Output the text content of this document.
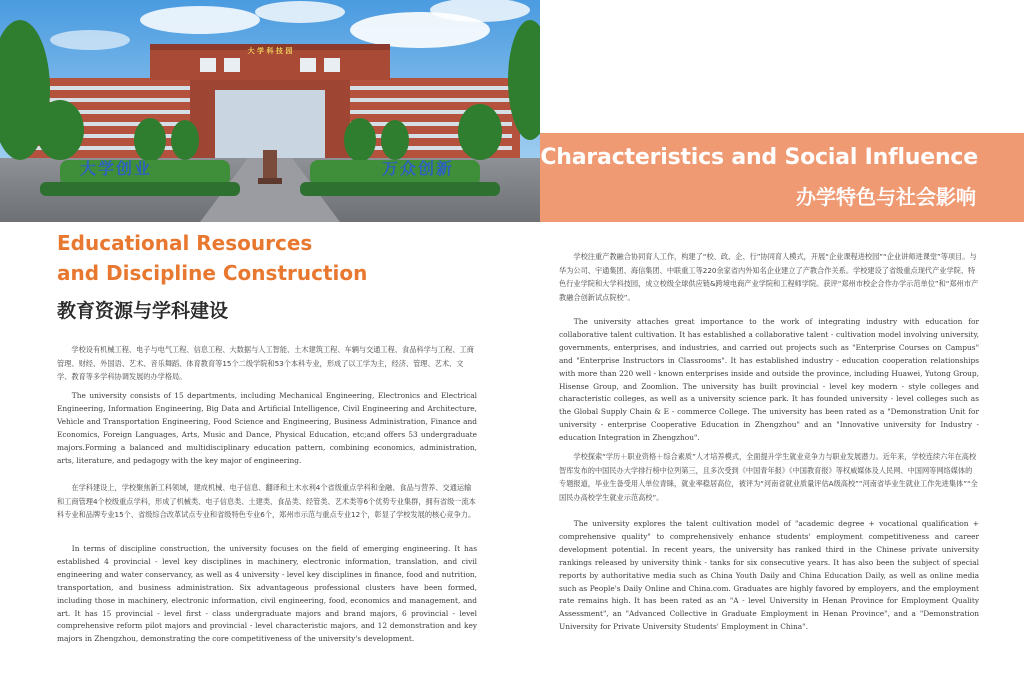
大 学 科 技 园
大学创业	万众创新	Characteristics and Social Influence
办学特色与社会影响
Educational Resources
and Discipline Construction
教育资源与学科建设

学校设有机械工程、电子与电气工程、信息工程、大数据与人工智能、土木建筑工程、车辆与交通工程、食品科学与工程、工商管理、财经、外国语、艺术、音乐舞蹈、体育教育等15个二级学院和53个本科专业，形成了以工学为主，经济、管理、艺术、文学、教育等多学科协调发展的办学格局。

The university consists of 15 departments, including Mechanical Engineering, Electronics and Electrical Engineering, Information Engineering, Big Data and Artificial Intelligence, Civil Engineering and Architecture, Vehicle and Transportation Engineering, Food Science and Engineering, Business Administration, Finance and Economics, Foreign Languages, Arts, Music and Dance, Physical Education, etc;and offers 53 undergraduate majors.Forming a balanced and multidisciplinary education pattern, combining economics, administration, arts, literature, and pedagogy with the key major of engineering.

在学科建设上，学校聚焦新工科领域，建成机械、电子信息、翻译和土木水利4个省级重点学科和金融、食品与营养、交通运输和工商管理4个校级重点学科，形成了机械类、电子信息类、土建类、食品类、经管类、艺术类等6个优势专业集群，拥有省级一流本科专业和品牌专业15个、省级综合改革试点专业和省级特色专业6个，郑州市示范与重点专业12个，彰显了学校发展的核心竞争力。

In terms of discipline construction, the university focuses on the field of emerging engineering. It has established 4 provincial - level key disciplines in machinery, electronic information, translation, and civil engineering and water conservancy, as well as 4 university - level key disciplines in finance, food and nutrition, transportation, and business administration. Six advantageous professional clusters have been formed, including those in machinery, electronic information, civil engineering, food, economics and management, and art. It has 15 provincial - level first - class undergraduate majors and brand majors, 6 provincial - level comprehensive reform pilot majors and provincial - level characteristic majors, and 12 demonstration and key majors in Zhengzhou, demonstrating the core competitiveness of the university's development.

学校注重产教融合协同育人工作，构建了“校、政、企、行”协同育人模式，开展“企业课程进校园”“企业讲师进课堂”等项目。与华为公司、宇通集团、海信集团、中联重工等220余家省内外知名企业建立了产教合作关系。学校建设了省级重点现代产业学院、特色行业学院和大学科技园，成立校级全球供应链&跨境电商产业学院和工程师学院。获评“郑州市校企合作办学示范单位”和“郑州市产教融合创新试点院校”。

The university attaches great importance to the work of integrating industry with education for collaborative talent cultivation. It has established a collaborative talent - cultivation model involving university, governments, enterprises, and industries, and carried out projects such as "Enterprise Courses on Campus" and "Enterprise Instructors in Classrooms". It has established industry - education cooperation relationships with more than 220 well - known enterprises inside and outside the province, including Huawei, Yutong Group, Hisense Group, and Zoomlion. The university has built provincial - level key modern - style colleges and characteristic colleges, as well as a university science park. It has founded university - level colleges such as the Global Supply Chain & E - commerce College. The university has been rated as a "Demonstration Unit for university - enterprise Cooperative Education in Zhengzhou" and an "Innovative university for Industry - education Integration in Zhengzhou".

学校探索“学历＋职业资格＋综合素质”人才培养模式，全面提升学生就业竞争力与职业发展潜力。近年来，学校连续六年在高校智库发布的中国民办大学排行榜中位列第三，且多次受到《中国青年报》《中国教育报》等权威媒体及人民网、中国网等网络媒体的专题报道，毕业生备受用人单位青睐，就业率稳居高位，被评为“河南省就业质量评估A级高校”“河南省毕业生就业工作先进集体”“全国民办高校学生就业示范高校”。

The university explores the talent cultivation model of "academic degree + vocational qualification + comprehensive quality" to comprehensively enhance students' employment competitiveness and career development potential. In recent years, the university has ranked third in the Chinese private university rankings released by university think - tanks for six consecutive years. It has also been the subject of special reports by authoritative media such as China Youth Daily and China Education Daily, as well as online media such as People's Daily Online and China.com. Graduates are highly favored by employers, and the employment rate remains high. It has been rated as an "A - level University in Henan Province for Employment Quality Assessment", an "Advanced Collective in Graduate Employment in Henan Province", and a "Demonstration University for Private University Students' Employment in China".
